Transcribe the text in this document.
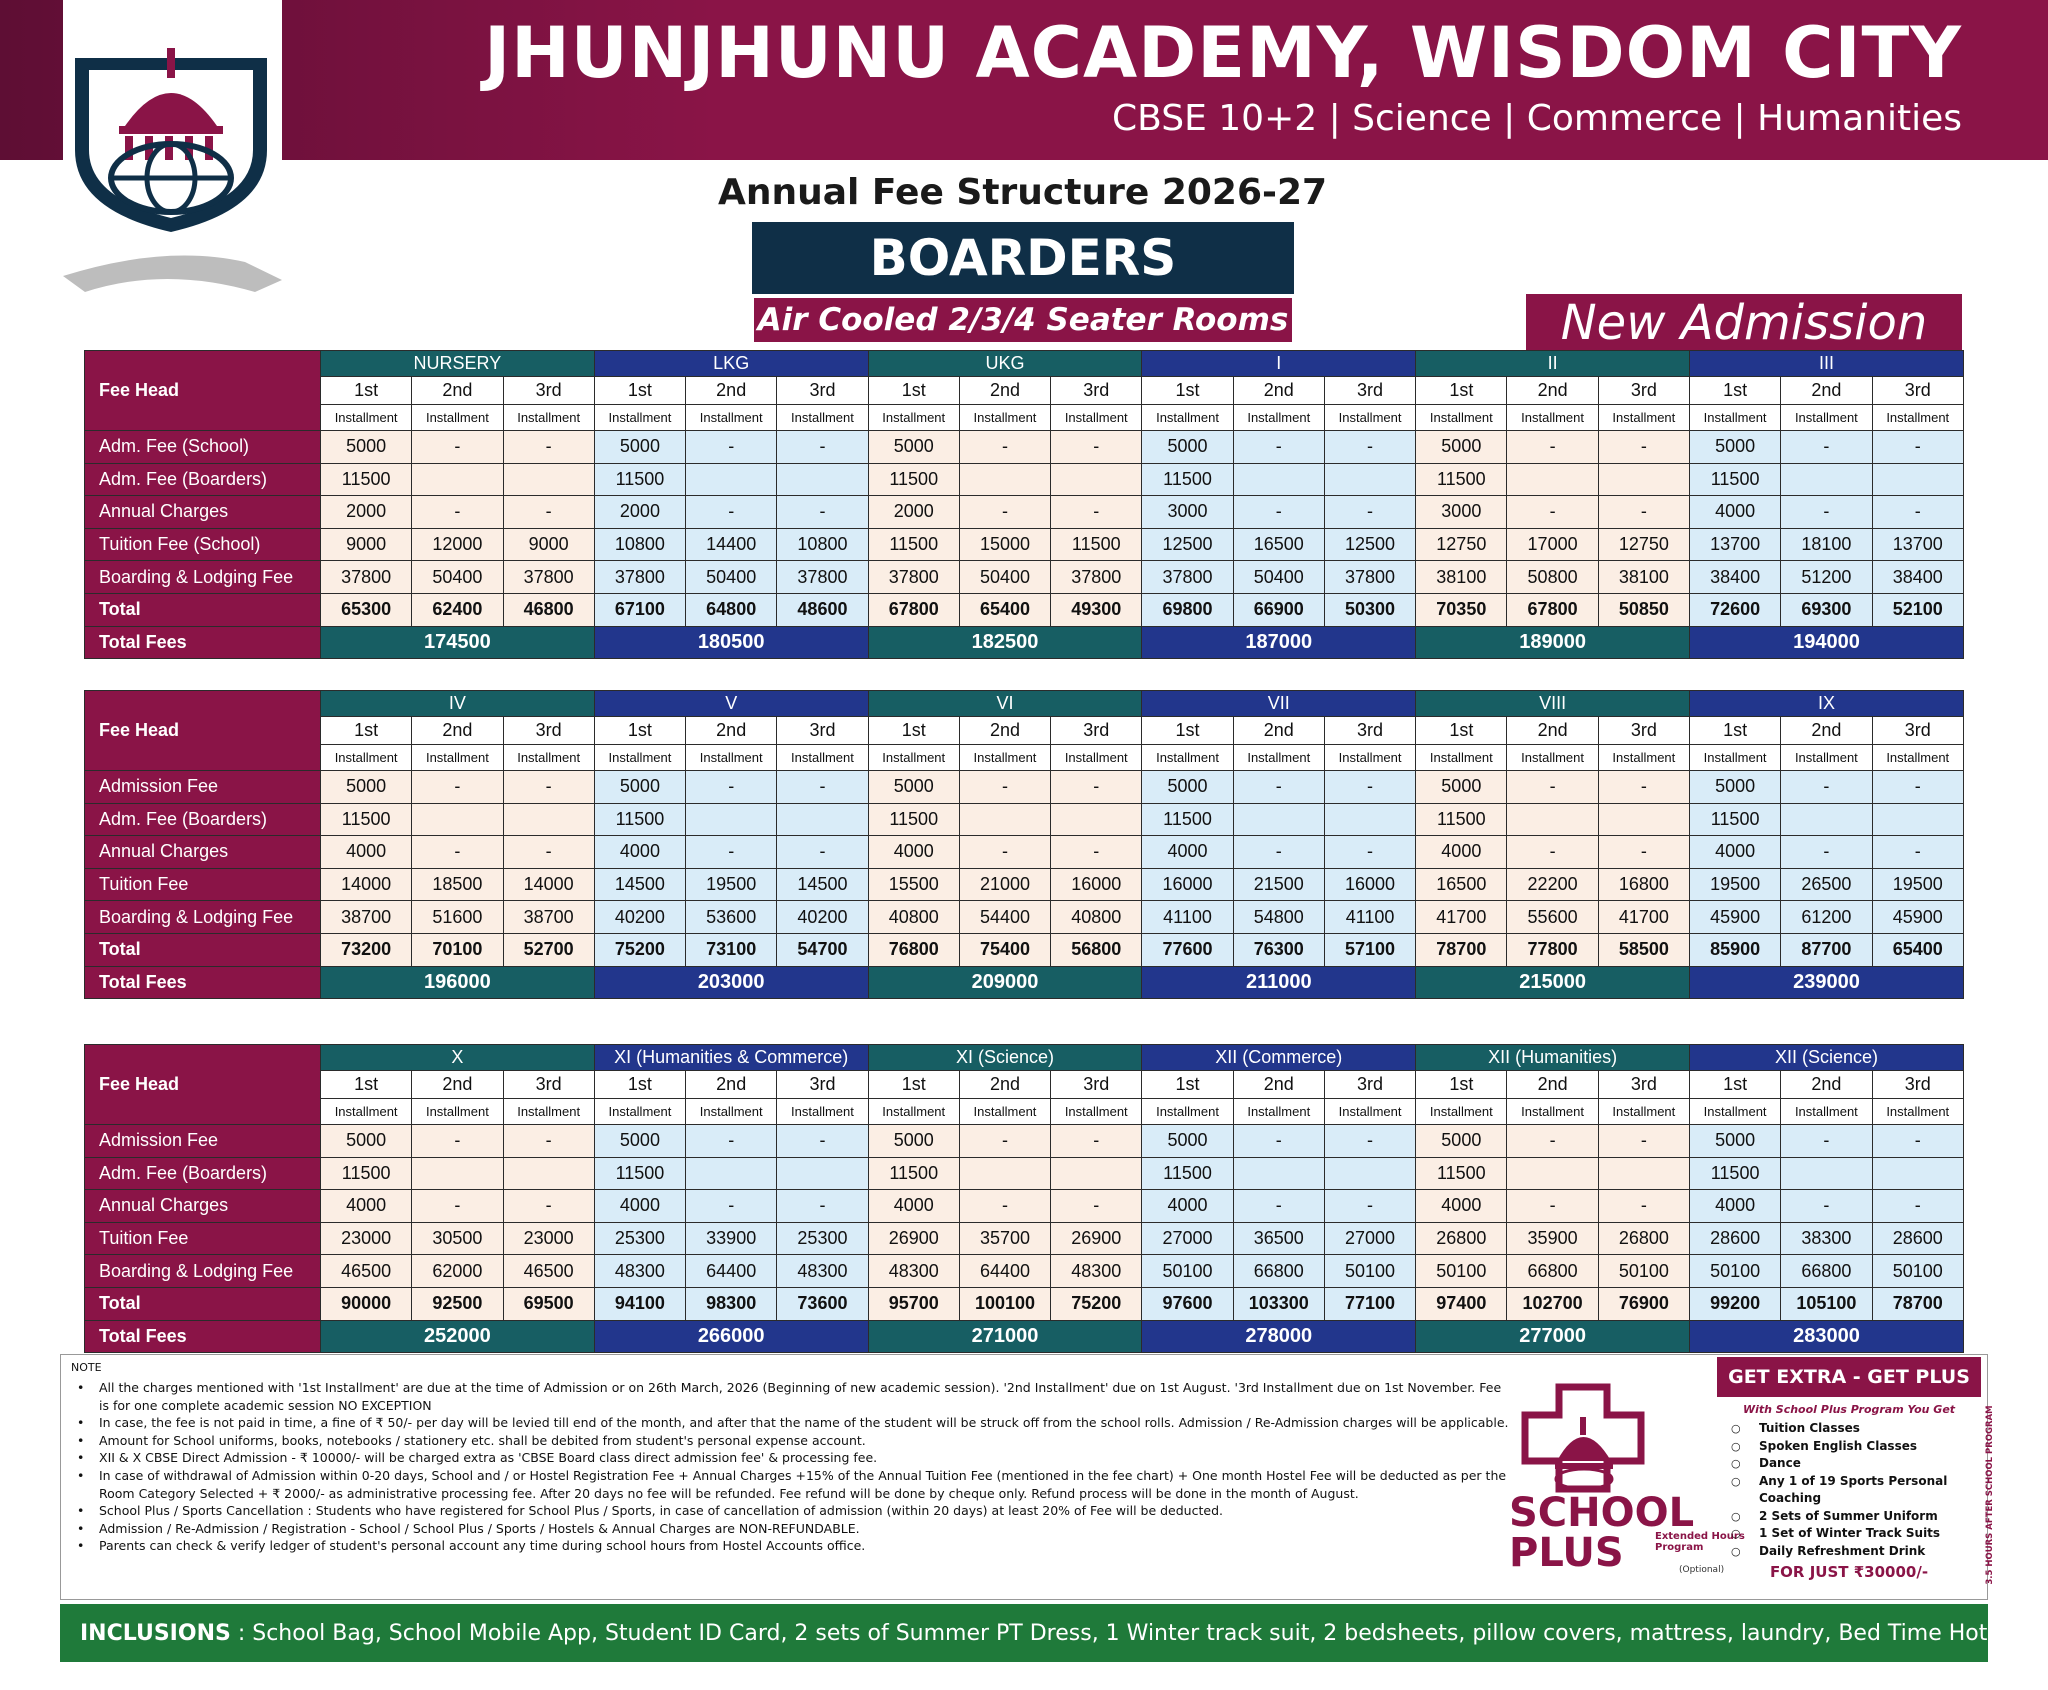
JHUNJHUNU ACADEMY, WISDOM CITY
CBSE 10+2 | Science | Commerce | Humanities
Annual Fee Structure 2026-27
BOARDERS
Air Cooled 2/3/4 Seater Rooms	New Admission
Fee Head	NURSERY			LKG			UKG			I			II			III		
	1st	2nd	3rd	1st	2nd	3rd	1st	2nd	3rd	1st	2nd	3rd	1st	2nd	3rd	1st	2nd	3rd
	Installment	Installment	Installment	Installment	Installment	Installment	Installment	Installment	Installment	Installment	Installment	Installment	Installment	Installment	Installment	Installment	Installment	Installment
Adm. Fee (School)	5000	-	-	5000	-	-	5000	-	-	5000	-	-	5000	-	-	5000	-	-
Adm. Fee (Boarders)	11500			11500			11500			11500			11500			11500		
Annual Charges	2000	-	-	2000	-	-	2000	-	-	3000	-	-	3000	-	-	4000	-	-
Tuition Fee (School)	9000	12000	9000	10800	14400	10800	11500	15000	11500	12500	16500	12500	12750	17000	12750	13700	18100	13700
Boarding & Lodging Fee	37800	50400	37800	37800	50400	37800	37800	50400	37800	37800	50400	37800	38100	50800	38100	38400	51200	38400
Total	65300	62400	46800	67100	64800	48600	67800	65400	49300	69800	66900	50300	70350	67800	50850	72600	69300	52100
Total Fees	174500			180500			182500			187000			189000			194000		
Fee Head	IV			V			VI			VII			VIII			IX		
	1st	2nd	3rd	1st	2nd	3rd	1st	2nd	3rd	1st	2nd	3rd	1st	2nd	3rd	1st	2nd	3rd
	Installment	Installment	Installment	Installment	Installment	Installment	Installment	Installment	Installment	Installment	Installment	Installment	Installment	Installment	Installment	Installment	Installment	Installment
Admission Fee	5000	-	-	5000	-	-	5000	-	-	5000	-	-	5000	-	-	5000	-	-
Adm. Fee (Boarders)	11500			11500			11500			11500			11500			11500		
Annual Charges	4000	-	-	4000	-	-	4000	-	-	4000	-	-	4000	-	-	4000	-	-
Tuition Fee	14000	18500	14000	14500	19500	14500	15500	21000	16000	16000	21500	16000	16500	22200	16800	19500	26500	19500
Boarding & Lodging Fee	38700	51600	38700	40200	53600	40200	40800	54400	40800	41100	54800	41100	41700	55600	41700	45900	61200	45900
Total	73200	70100	52700	75200	73100	54700	76800	75400	56800	77600	76300	57100	78700	77800	58500	85900	87700	65400
Total Fees	196000			203000			209000			211000			215000			239000		
Fee Head	X			XI (Humanities & Commerce)			XI (Science)			XII (Commerce)			XII (Humanities)			XII (Science)		
	1st	2nd	3rd	1st	2nd	3rd	1st	2nd	3rd	1st	2nd	3rd	1st	2nd	3rd	1st	2nd	3rd
	Installment	Installment	Installment	Installment	Installment	Installment	Installment	Installment	Installment	Installment	Installment	Installment	Installment	Installment	Installment	Installment	Installment	Installment
Admission Fee	5000	-	-	5000	-	-	5000	-	-	5000	-	-	5000	-	-	5000	-	-
Adm. Fee (Boarders)	11500			11500			11500			11500			11500			11500		
Annual Charges	4000	-	-	4000	-	-	4000	-	-	4000	-	-	4000	-	-	4000	-	-
Tuition Fee	23000	30500	23000	25300	33900	25300	26900	35700	26900	27000	36500	27000	26800	35900	26800	28600	38300	28600
Boarding & Lodging Fee	46500	62000	46500	48300	64400	48300	48300	64400	48300	50100	66800	50100	50100	66800	50100	50100	66800	50100
Total	90000	92500	69500	94100	98300	73600	95700	100100	75200	97600	103300	77100	97400	102700	76900	99200	105100	78700
Total Fees	252000			266000			271000			278000			277000			283000		
NOTE
• All the charges mentioned with '1st Installment' are due at the time of Admission or on 26th March, 2026 (Beginning of new academic session). '2nd Installment' due on 1st August. '3rd Installment due on 1st November. Fee is for one complete academic session NO EXCEPTION
• In case, the fee is not paid in time, a fine of ₹ 50/- per day will be levied till end of the month, and after that the name of the student will be struck off from the school rolls. Admission / Re-Admission charges will be applicable.
• Amount for School uniforms, books, notebooks / stationery etc. shall be debited from student's personal expense account.
• XII & X CBSE Direct Admission - ₹ 10000/- will be charged extra as 'CBSE Board class direct admission fee' & processing fee.
• In case of withdrawal of Admission within 0-20 days, School and / or Hostel Registration Fee + Annual Charges +15% of the Annual Tuition Fee (mentioned in the fee chart) + One month Hostel Fee will be deducted as per the Room Category Selected + ₹ 2000/- as administrative processing fee. After 20 days no fee will be refunded. Fee refund will be done by cheque only. Refund process will be done in the month of August.
• School Plus / Sports Cancellation : Students who have registered for School Plus / Sports, in case of cancellation of admission (within 20 days) at least 20% of Fee will be deducted.
• Admission / Re-Admission / Registration - School / School Plus / Sports / Hostels & Annual Charges are NON-REFUNDABLE.
• Parents can check & verify ledger of student's personal account any time during school hours from Hostel Accounts office.
SCHOOL
PLUS	Extended Hours
Program
(Optional)
GET EXTRA - GET PLUS
With School Plus Program You Get
○ Tuition Classes
○ Spoken English Classes
○ Dance
○ Any 1 of 19 Sports Personal Coaching
○ 2 Sets of Summer Uniform
○ 1 Set of Winter Track Suits
○ Daily Refreshment Drink
FOR JUST ₹30000/-	3.5 HOURS AFTER SCHOOL PROGRAM
INCLUSIONS
: School Bag, School Mobile App, Student ID Card, 2 sets of Summer PT Dress, 1 Winter track suit, 2 bedsheets, pillow covers, mattress, laundry, Bed Time Hot Milk.
